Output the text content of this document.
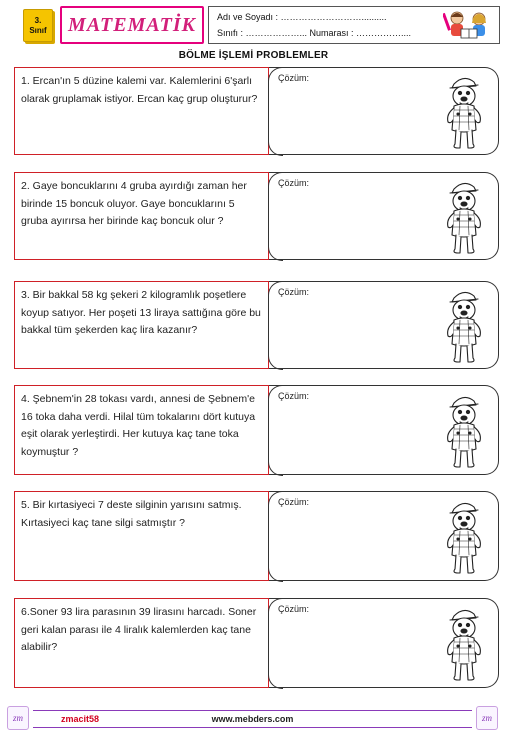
3.
Sınıf MATEMATİK Adı ve Soyadı : ………………………..........
Sınıfı : ………………... Numarası : ……………....
BÖLME İŞLEMİ PROBLEMLER
1. Ercan'ın 5 düzine kalemi var. Kalemlerini 6'şarlı olarak gruplamak istiyor. Ercan kaç grup oluşturur?
Çözüm:
2. Gaye boncuklarını 4 gruba ayırdığı zaman her birinde 15 boncuk oluyor. Gaye boncuklarını 5 gruba ayırırsa her birinde kaç boncuk olur ?
Çözüm:
3. Bir bakkal 58 kg şekeri 2 kilogramlık poşetlere koyup satıyor. Her poşeti 13 liraya sattığına göre bu bakkal tüm şekerden kaç lira kazanır?
Çözüm:
4. Şebnem'in 28 tokası vardı, annesi de Şebnem'e 16 toka daha verdi. Hilal tüm tokalarını dört kutuya eşit olarak yerleştirdi. Her kutuya kaç tane toka koymuştur ?
Çözüm:
5. Bir kırtasiyeci 7 deste silginin yarısını satmış. Kırtasiyeci kaç tane silgi satmıştır ?
Çözüm:
6.Soner 93 lira parasının 39 lirasını harcadı. Soner geri kalan parası ile 4 liralık kalemlerden kaç tane alabilir?
Çözüm:
zm	zmacit58	www.mebders.com	zm
